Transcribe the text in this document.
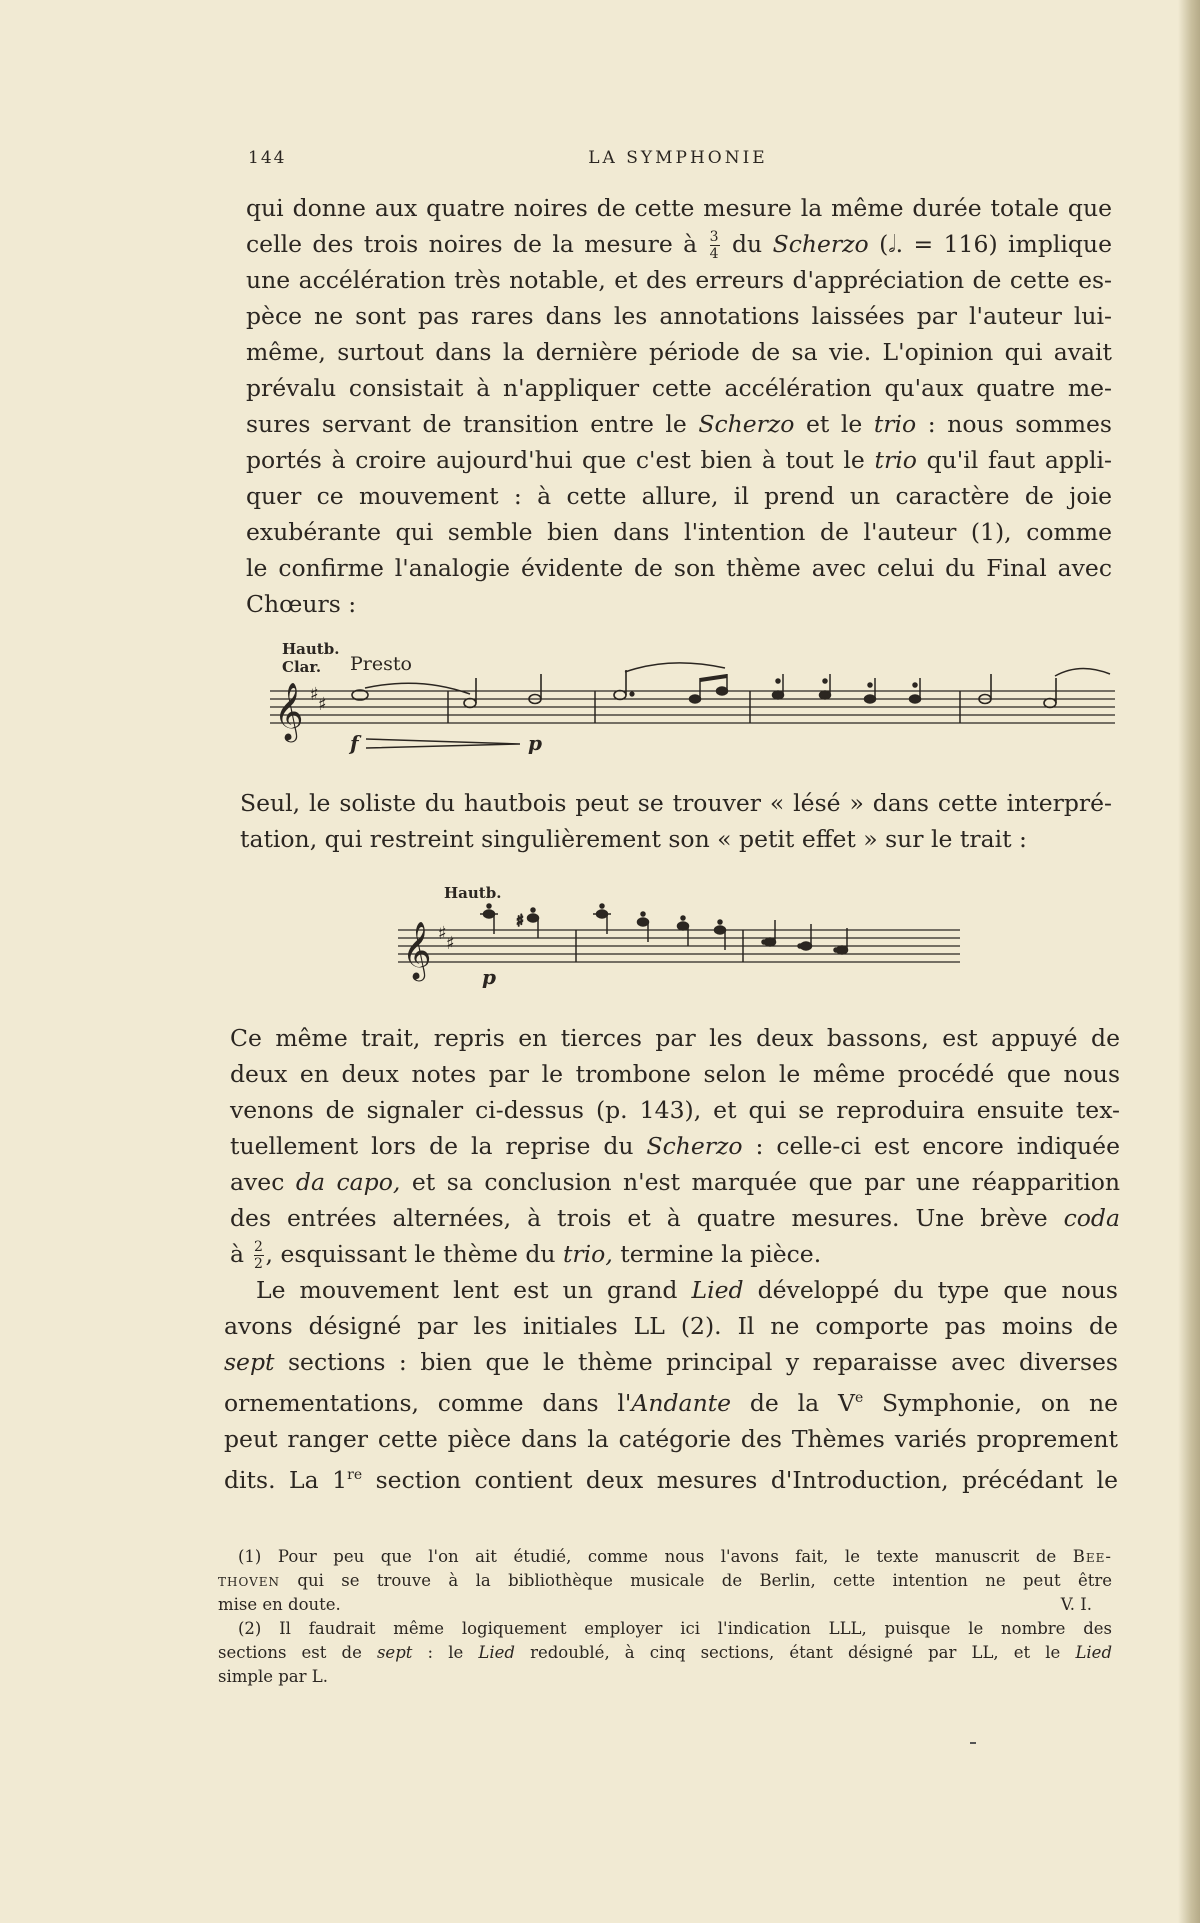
144	LA SYMPHONIE
qui donne aux quatre noires de cette mesure la même durée totale que
celle des trois noires de la mesure à $\frac{3}{4}$ du Scherzo (𝅗𝅥. = 116) implique
une accélération très notable, et des erreurs d'appréciation de cette es-
pèce ne sont pas rares dans les annotations laissées par l'auteur lui-
même, surtout dans la dernière période de sa vie. L'opinion qui avait
prévalu consistait à n'appliquer cette accélération qu'aux quatre me-
sures servant de transition entre le Scherzo et le trio : nous sommes
portés à croire aujourd'hui que c'est bien à tout le trio qu'il faut appli-
quer ce mouvement : à cette allure, il prend un caractère de joie
exubérante qui semble bien dans l'intention de l'auteur (1), comme
le confirme l'analogie évidente de son thème avec celui du Final avec
Chœurs :
Hautb.
Clar. Presto
𝄞 ♯ ♯
f	p
Seul, le soliste du hautbois peut se trouver « lésé » dans cette interpré-
tation, qui restreint singulièrement son « petit effet » sur le trait :
Hautb.
𝄞 ♯ ♯
♯
p
Ce même trait, repris en tierces par les deux bassons, est appuyé de
deux en deux notes par le trombone selon le même procédé que nous
venons de signaler ci-dessus (p. 143), et qui se reproduira ensuite tex-
tuellement lors de la reprise du Scherzo : celle-ci est encore indiquée
avec da capo, et sa conclusion n'est marquée que par une réapparition
des entrées alternées, à trois et à quatre mesures. Une brève coda
à $\frac{2}{2}$ , esquissant le thème du trio, termine la pièce.
Le mouvement lent est un grand Lied développé du type que nous
avons désigné par les initiales LL (2). Il ne comporte pas moins de
sept sections : bien que le thème principal y reparaisse avec diverses
ornementations, comme dans l'Andante de la Ve Symphonie, on ne
peut ranger cette pièce dans la catégorie des Thèmes variés proprement
dits. La 1re section contient deux mesures d'Introduction, précédant le
(1) Pour peu que l'on ait étudié, comme nous l'avons fait, le texte manuscrit de Bee-
thoven qui se trouve à la bibliothèque musicale de Berlin, cette intention ne peut être
mise en doute.	V. I.
(2) Il faudrait même logiquement employer ici l'indication LLL, puisque le nombre des
sections est de sept : le Lied redoublé, à cinq sections, étant désigné par LL, et le Lied
simple par L.
